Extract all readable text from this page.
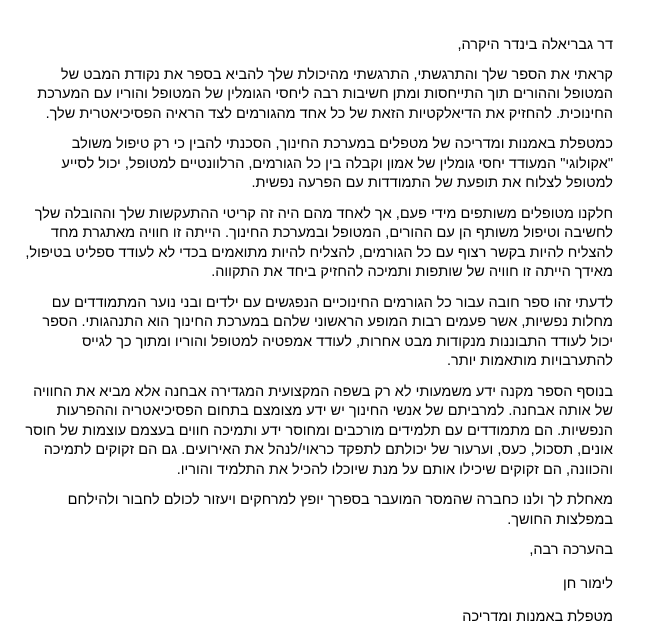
דר גבריאלה בינדר היקרה,
קראתי את הספר שלך והתרגשתי, התרגשתי מהיכולת שלך להביא בספר את נקודת המבט של
המטופל וההורים תוך התייחסות ומתן חשיבות רבה ליחסי הגומלין של המטופל והוריו עם המערכת
החינוכית. להחזיק את הדיאלקטיות הזאת של כל אחד מהגורמים לצד הראיה הפסיכיאטרית שלך.
כמטפלת באמנות ומדריכה של מטפלים במערכת החינוך, הסכנתי להבין כי רק טיפול משולב
"אקולוגי" המעודד יחסי גומלין של אמון וקבלה בין כל הגורמים, הרלוונטיים למטופל, יכול לסייע
למטופל לצלוח את תופעת של התמודדות עם הפרעה נפשית.
חלקנו מטופלים משותפים מידי פעם, אך לאחד מהם היה זה קריטי ההתעקשות שלך וההובלה שלך
לחשיבה וטיפול משותף הן עם ההורים, המטופל ובמערכת החינוך. הייתה זו חוויה מאתגרת מחד
להצליח להיות בקשר רצוף עם כל הגורמים, להצליח להיות מתואמים בכדי לא לעודד ספליט בטיפול,
מאידך הייתה זו חוויה של שותפות ותמיכה להחזיק ביחד את התקווה.
לדעתי זהו ספר חובה עבור כל הגורמים החינוכיים הנפגשים עם ילדים ובני נוער המתמודדים עם
מחלות נפשיות, אשר פעמים רבות המופע הראשוני שלהם במערכת החינוך הוא התנהגותי. הספר
יכול לעודד התבוננות מנקודות מבט אחרות, לעודד אמפטיה למטופל והוריו ומתוך כך לגייס
להתערבויות מותאמות יותר.
בנוסף הספר מקנה ידע משמעותי לא רק בשפה המקצועית המגדירה אבחנה אלא מביא את החוויה
של אותה אבחנה. למרביתם של אנשי החינוך יש ידע מצומצם בתחום הפסיכיאטריה וההפרעות
הנפשיות. הם מתמודדים עם תלמידים מורכבים ומחוסר ידע ותמיכה חווים בעצמם עוצמות של חוסר
אונים, תסכול, כעס, וערעור של יכולתם לתפקד כראוי/לנהל את האירועים. גם הם זקוקים לתמיכה
והכוונה, הם זקוקים שיכילו אותם על מנת שיוכלו להכיל את התלמיד והוריו.
מאחלת לך ולנו כחברה שהמסר המועבר בספרך יופץ למרחקים ויעזור לכולם לחבור ולהילחם
במפלצות החושך.
בהערכה רבה,
לימור חן
מטפלת באמנות ומדריכה
